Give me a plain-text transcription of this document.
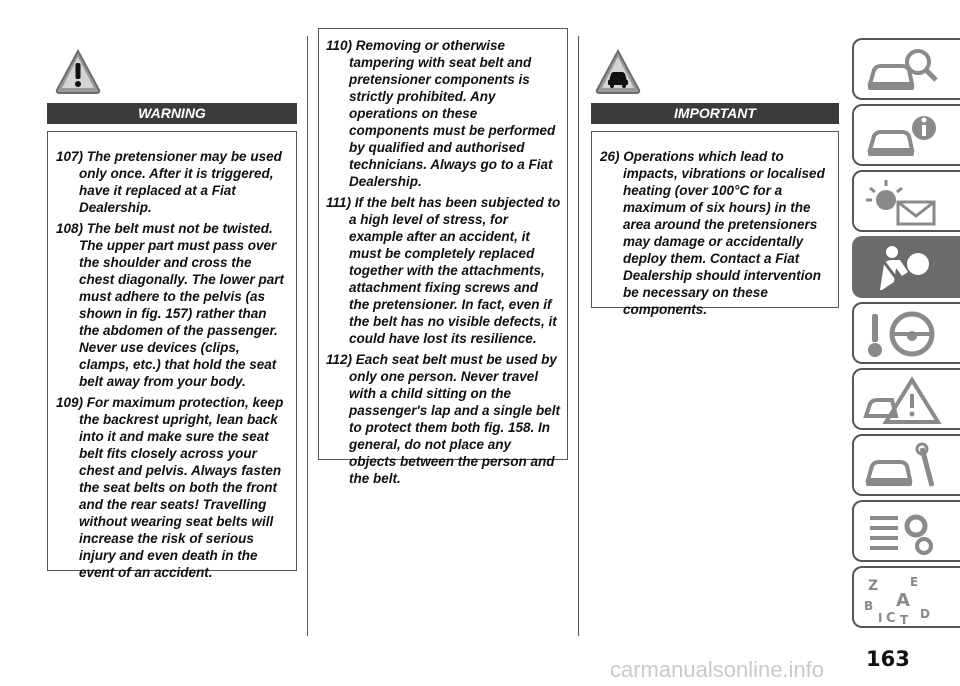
WARNING

107) The pretensioner may be used only once. After it is triggered, have it replaced at a Fiat Dealership.

108) The belt must not be twisted. The upper part must pass over the shoulder and cross the chest diagonally. The lower part must adhere to the pelvis (as shown in fig. 157) rather than the abdomen of the passenger. Never use devices (clips, clamps, etc.) that hold the seat belt away from your body.

109) For maximum protection, keep the backrest upright, lean back into it and make sure the seat belt fits closely across your chest and pelvis. Always fasten the seat belts on both the front and the rear seats! Travelling without wearing seat belts will increase the risk of serious injury and even death in the event of an accident.

110) Removing or otherwise tampering with seat belt and pretensioner components is strictly prohibited. Any operations on these components must be performed by qualified and authorised technicians. Always go to a Fiat Dealership.

111) If the belt has been subjected to a high level of stress, for example after an accident, it must be completely replaced together with the attachments, attachment fixing screws and the pretensioner. In fact, even if the belt has no visible defects, it could have lost its resilience.

112) Each seat belt must be used by only one person. Never travel with a child sitting on the passenger's lap and a single belt to protect them both fig. 158. In general, do not place any objects between the person and the belt.

IMPORTANT

26) Operations which lead to impacts, vibrations or localised heating (over 100°C for a maximum of six hours) in the area around the pretensioners may damage or accidentally deploy them. Contact a Fiat Dealership should intervention be necessary on these components.

Z	E
A
B
I C T D
163
carmanualsonline.info
